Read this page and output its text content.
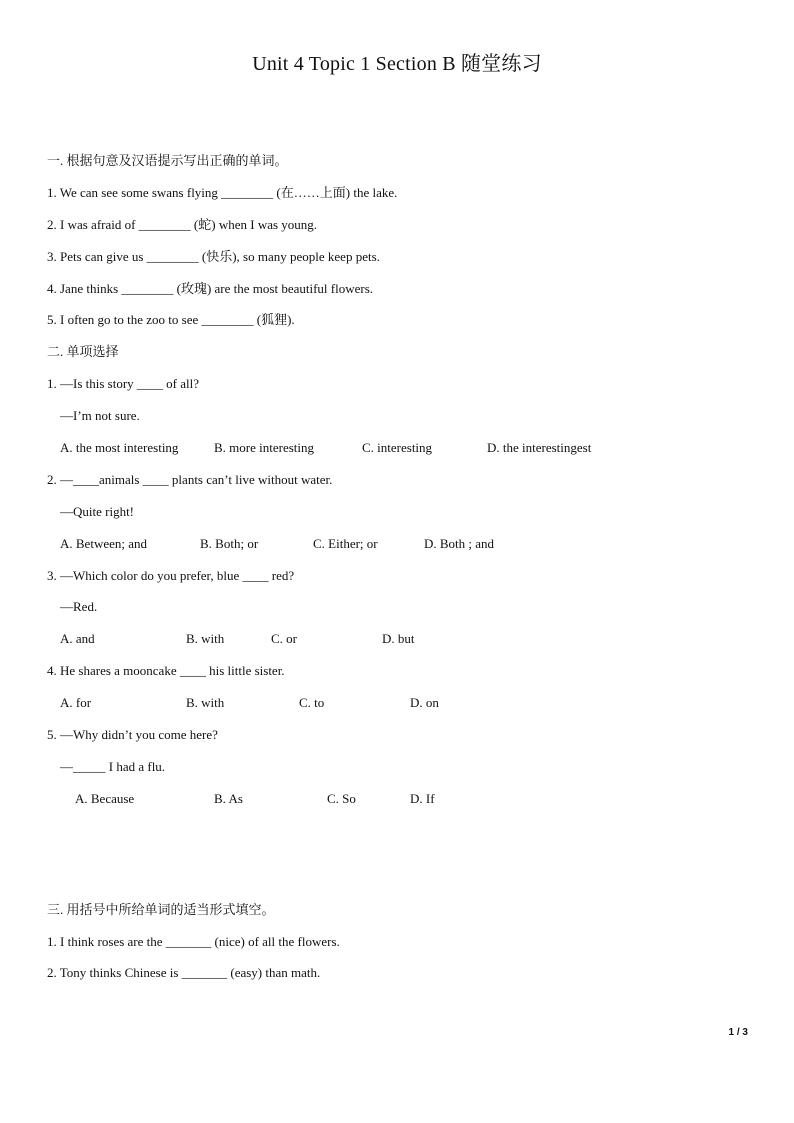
Unit 4 Topic 1 Section B 随堂练习
一. 根据句意及汉语提示写出正确的单词。
1. We can see some swans flying ________ (在……上面) the lake.
2. I was afraid of ________ (蛇) when I was young.
3. Pets can give us ________ (快乐), so many people keep pets.
4. Jane thinks ________ (玫瑰) are the most beautiful flowers.
5. I often go to the zoo to see ________ (狐狸).
二. 单项选择
1. —Is this story ____ of all?
—I’m not sure.
A. the most interesting	B. more interesting	C. interesting	D. the interestingest
2. —____animals ____ plants can’t live without water.
—Quite right!
A. Between; and	B. Both; or	C. Either; or	D. Both ; and
3. —Which color do you prefer, blue ____ red?
—Red.
A. and	B. with	C. or	D. but
4. He shares a mooncake ____ his little sister.
A. for	B. with	C. to	D. on
5. —Why didn’t you come here?
—_____ I had a flu.
A. Because	B. As	C. So	D. If
三. 用括号中所给单词的适当形式填空。
1. I think roses are the _______ (nice) of all the flowers.
2. Tony thinks Chinese is _______ (easy) than math.
1 / 3
